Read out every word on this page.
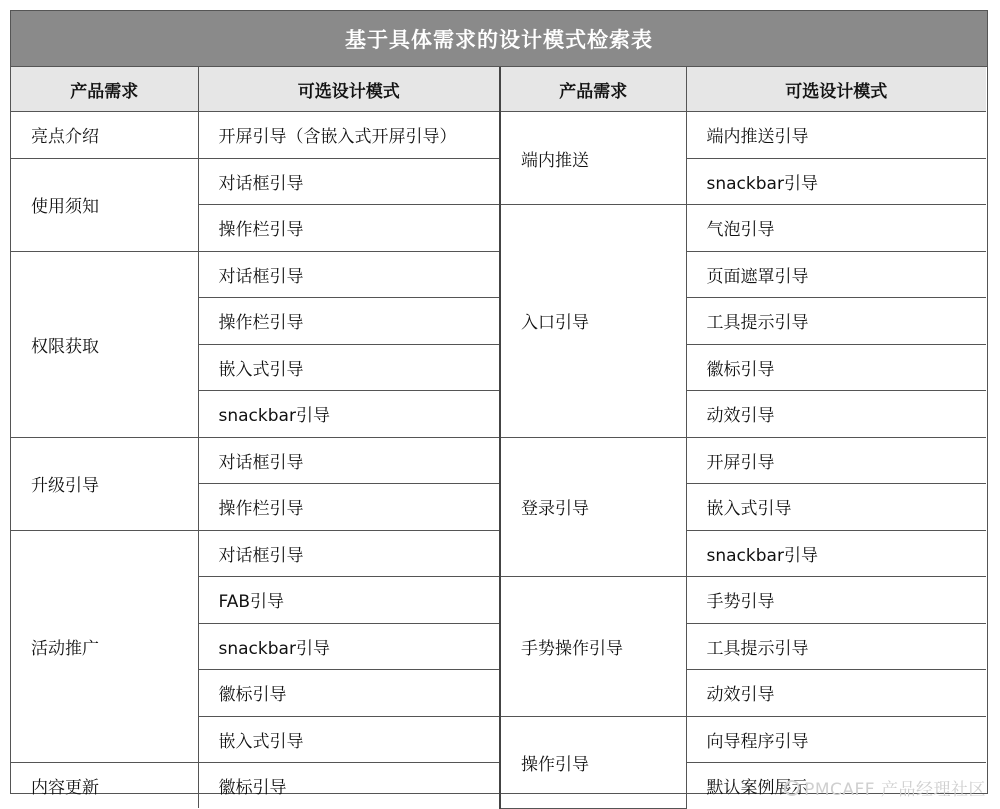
基于具体需求的设计模式检索表
产品需求	可选设计模式	产品需求	可选设计模式
亮点介绍	开屏引导（含嵌入式开屏引导）	端内推送	端内推送引导
使用须知	对话框引导		snackbar引导
	操作栏引导	入口引导	气泡引导
权限获取	对话框引导		页面遮罩引导
	操作栏引导		工具提示引导
	嵌入式引导		徽标引导
	snackbar引导		动效引导
升级引导	对话框引导	登录引导	开屏引导
	操作栏引导		嵌入式引导
活动推广	对话框引导		snackbar引导
	FAB引导	手势操作引导	手势引导
	snackbar引导		工具提示引导
	徽标引导		动效引导
	嵌入式引导	操作引导	向导程序引导
内容更新	徽标引导		默认案例展示
PMCAFF 产品经理社区
